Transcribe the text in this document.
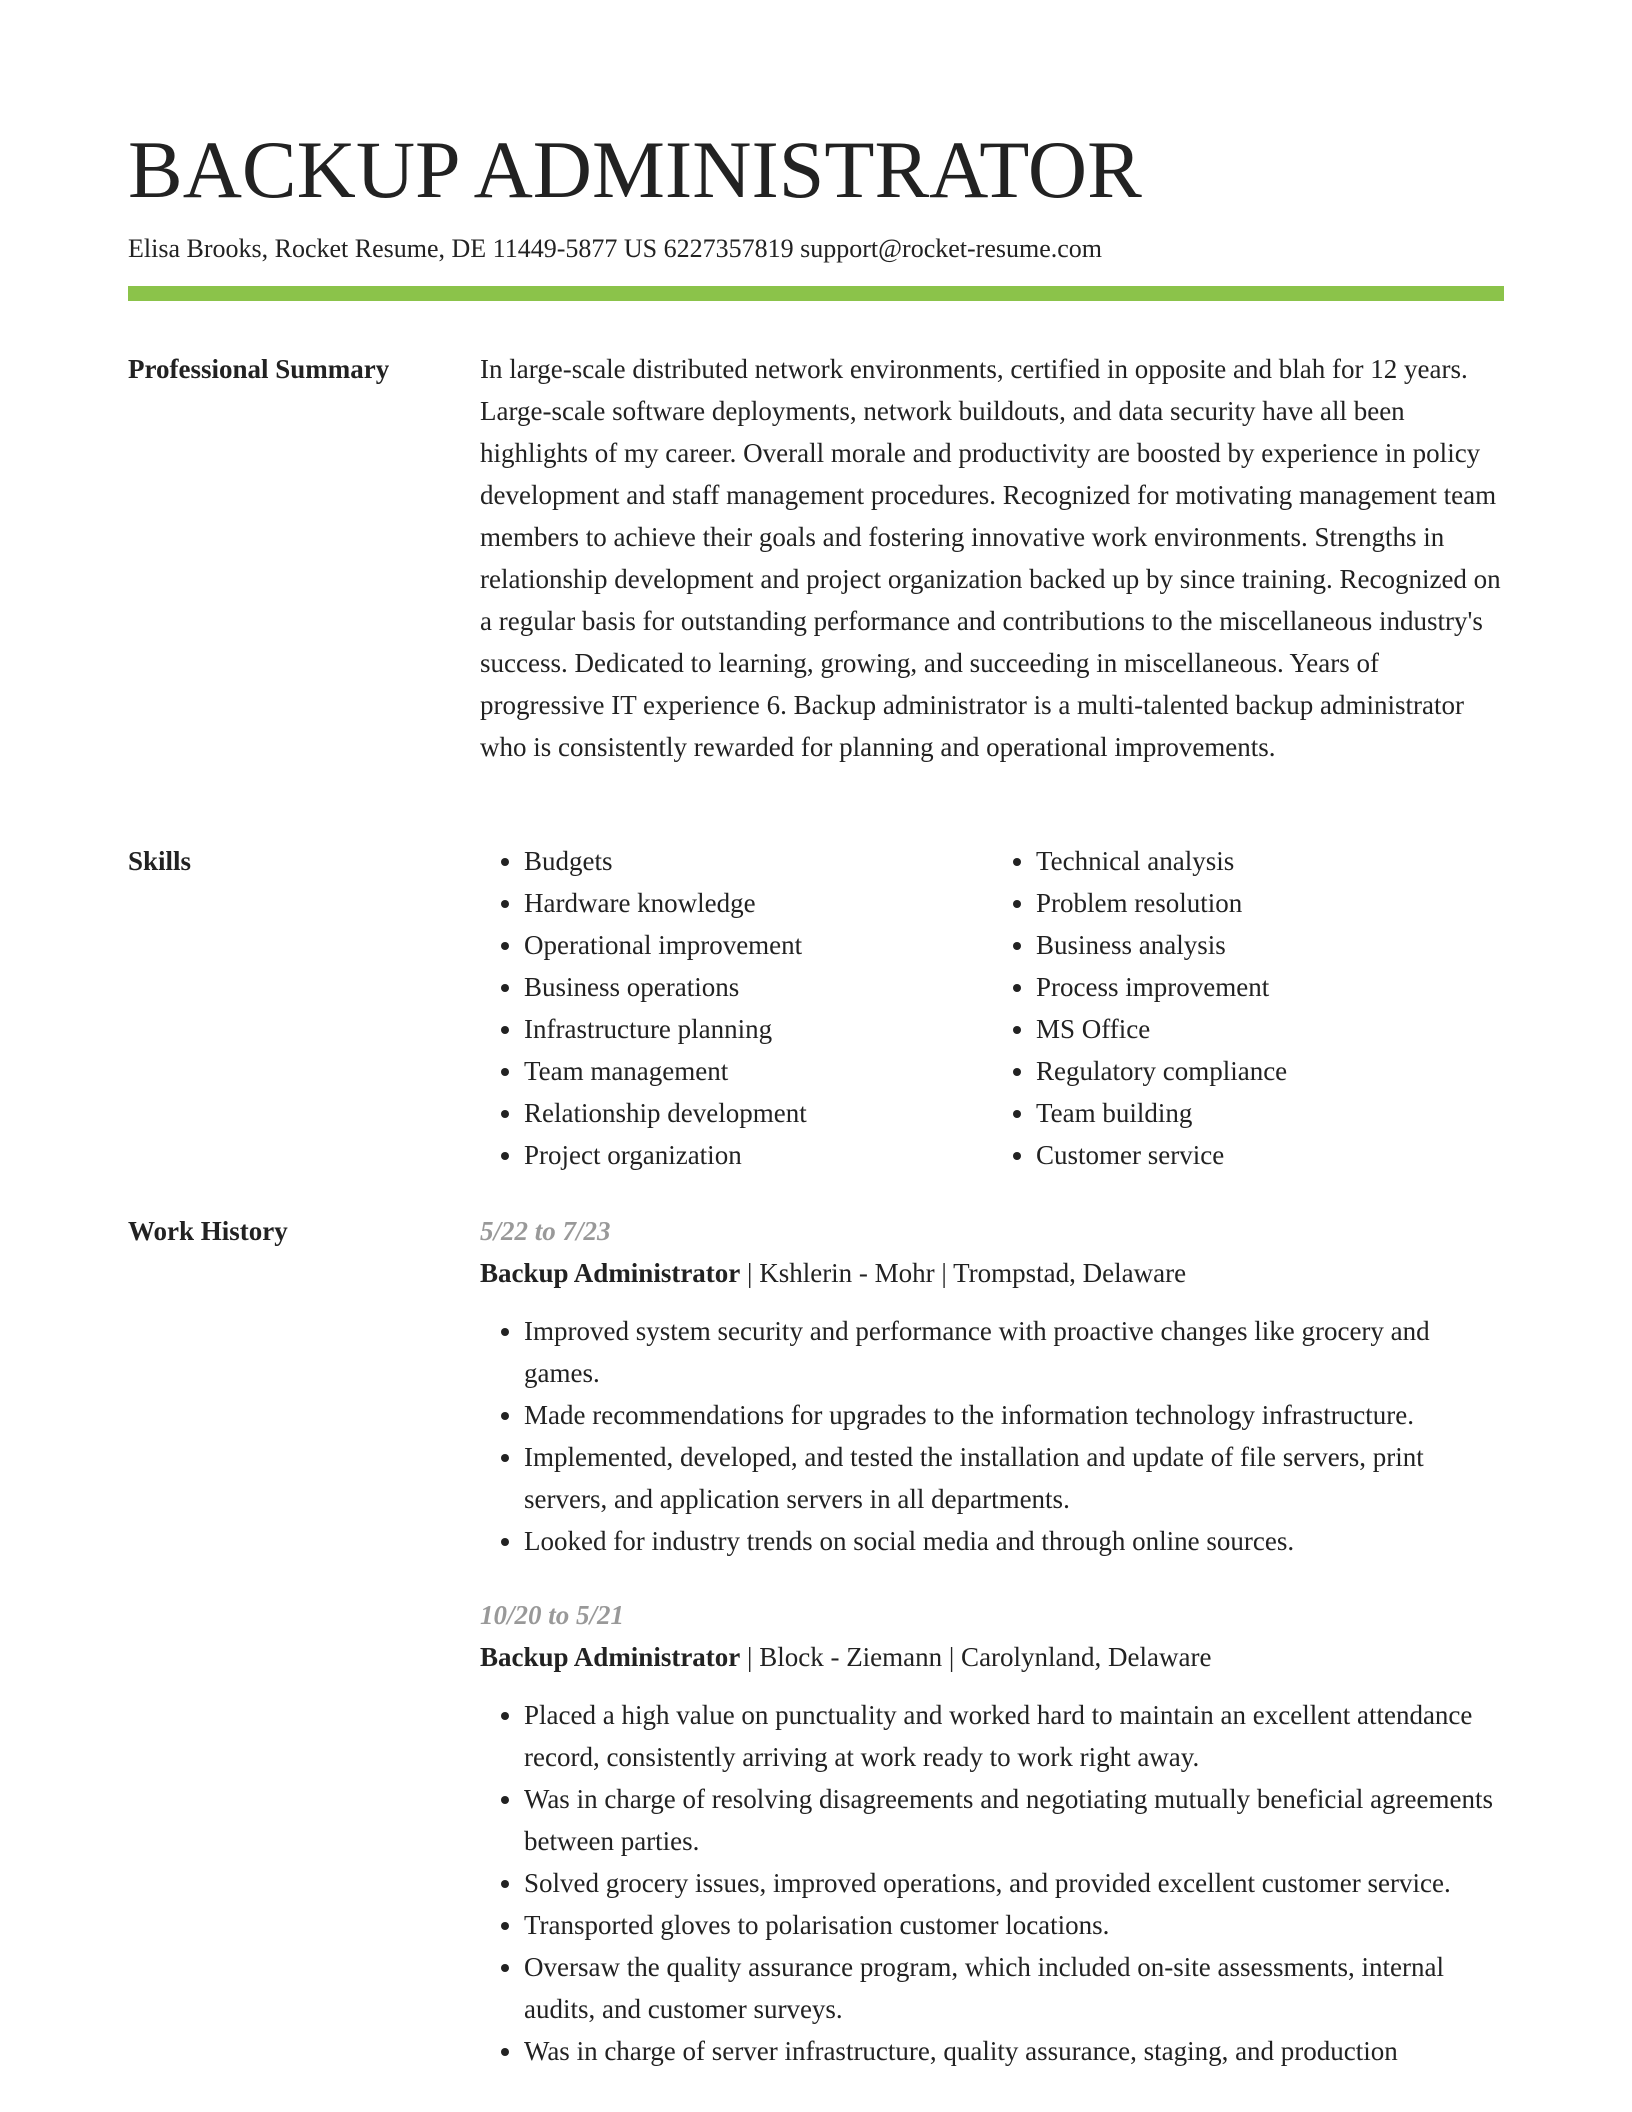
BACKUP ADMINISTRATOR
Elisa Brooks, Rocket Resume, DE 11449-5877 US 6227357819 support@rocket-resume.com
Professional Summary	In large-scale distributed network environments, certified in opposite and blah for 12 years. Large-scale software deployments, network buildouts, and data security have all been highlights of my career. Overall morale and productivity are boosted by experience in policy development and staff management procedures. Recognized for motivating management team members to achieve their goals and fostering innovative work environments. Strengths in relationship development and project organization backed up by since training. Recognized on a regular basis for outstanding performance and contributions to the miscellaneous industry's success. Dedicated to learning, growing, and succeeding in miscellaneous. Years of progressive IT experience 6. Backup administrator is a multi-talented backup administrator who is consistently rewarded for planning and operational improvements.

Skills
•	Budgets
• Hardware knowledge
• Operational improvement
• Business operations
• Infrastructure planning
• Team management
• Relationship development
• Project organization
• Technical analysis
• Problem resolution
• Business analysis
• Process improvement
• MS Office
• Regulatory compliance
• Team building
• Customer service
Work History	5/22 to 7/23
Backup Administrator | Kshlerin - Mohr | Trompstad, Delaware
• Improved system security and performance with proactive changes like grocery and games.
• Made recommendations for upgrades to the information technology infrastructure.
• Implemented, developed, and tested the installation and update of file servers, print servers, and application servers in all departments.
• Looked for industry trends on social media and through online sources.
10/20 to 5/21
Backup Administrator | Block - Ziemann | Carolynland, Delaware
• Placed a high value on punctuality and worked hard to maintain an excellent attendance record, consistently arriving at work ready to work right away.
• Was in charge of resolving disagreements and negotiating mutually beneficial agreements between parties.
• Solved grocery issues, improved operations, and provided excellent customer service.
• Transported gloves to polarisation customer locations.
• Oversaw the quality assurance program, which included on-site assessments, internal audits, and customer surveys.
• Was in charge of server infrastructure, quality assurance, staging, and production
